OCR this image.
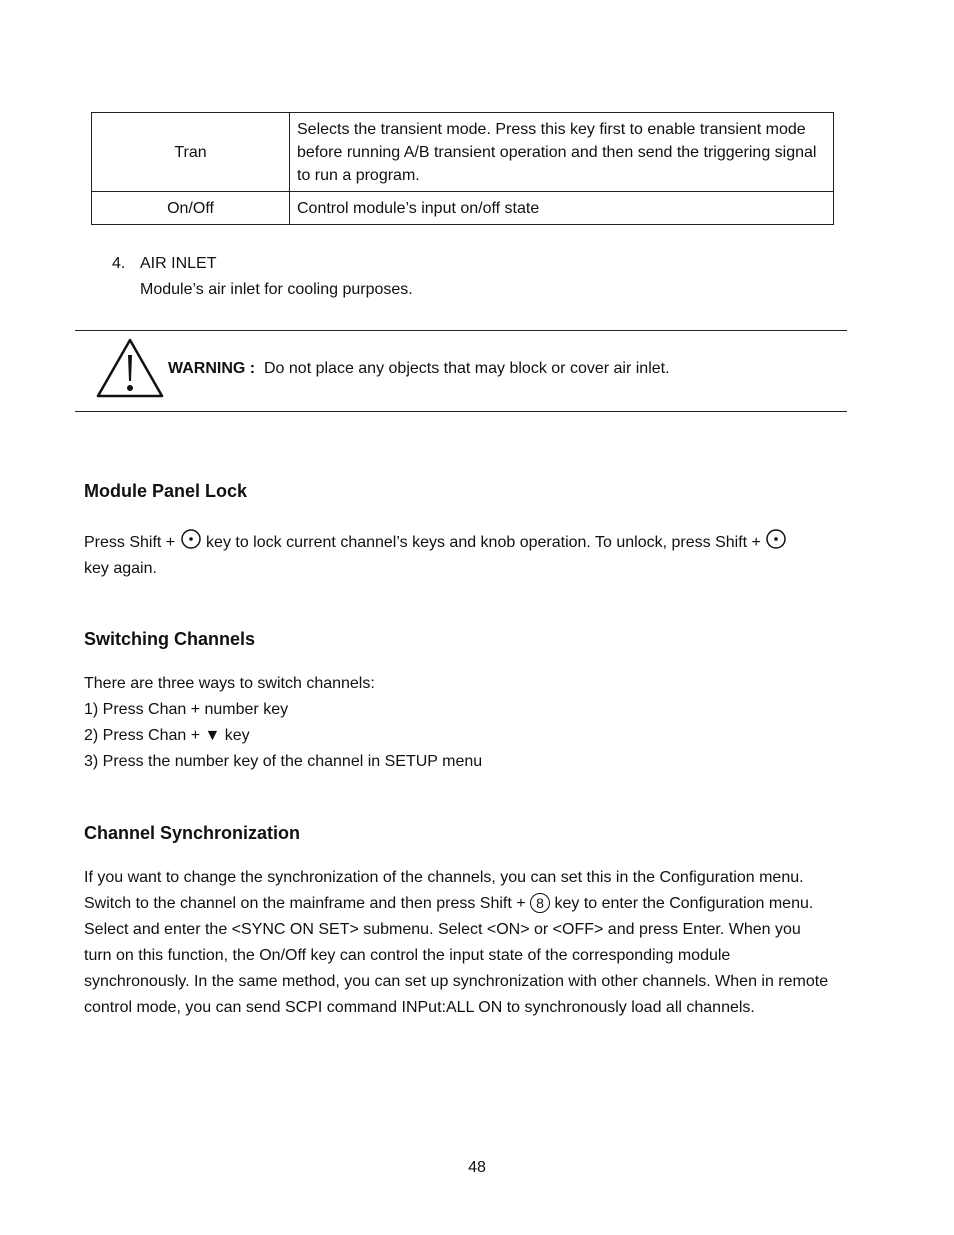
Tran	Selects the transient mode. Press this key first to enable transient mode before running A/B transient operation and then send the triggering signal to run a program.
On/Off	Control module’s input on/off state
4. AIR INLET
Module’s air inlet for cooling purposes.
WARNING : Do not place any objects that may block or cover air inlet.
Module Panel Lock
Press Shift +  key to lock current channel’s keys and knob operation. To unlock, press Shift +
key again.
Switching Channels
There are three ways to switch channels:
1) Press Chan + number key
2) Press Chan + ▼ key
3) Press the number key of the channel in SETUP menu
Channel Synchronization
If you want to change the synchronization of the channels, you can set this in the Configuration menu. Switch to the channel on the mainframe and then press Shift + 8 key to enter the Configuration menu. Select and enter the <SYNC ON SET> submenu. Select <ON> or <OFF> and press Enter. When you turn on this function, the On/Off key can control the input state of the corresponding module synchronously. In the same method, you can set up synchronization with other channels. When in remote control mode, you can send SCPI command INPut:ALL ON to synchronously load all channels.
48
